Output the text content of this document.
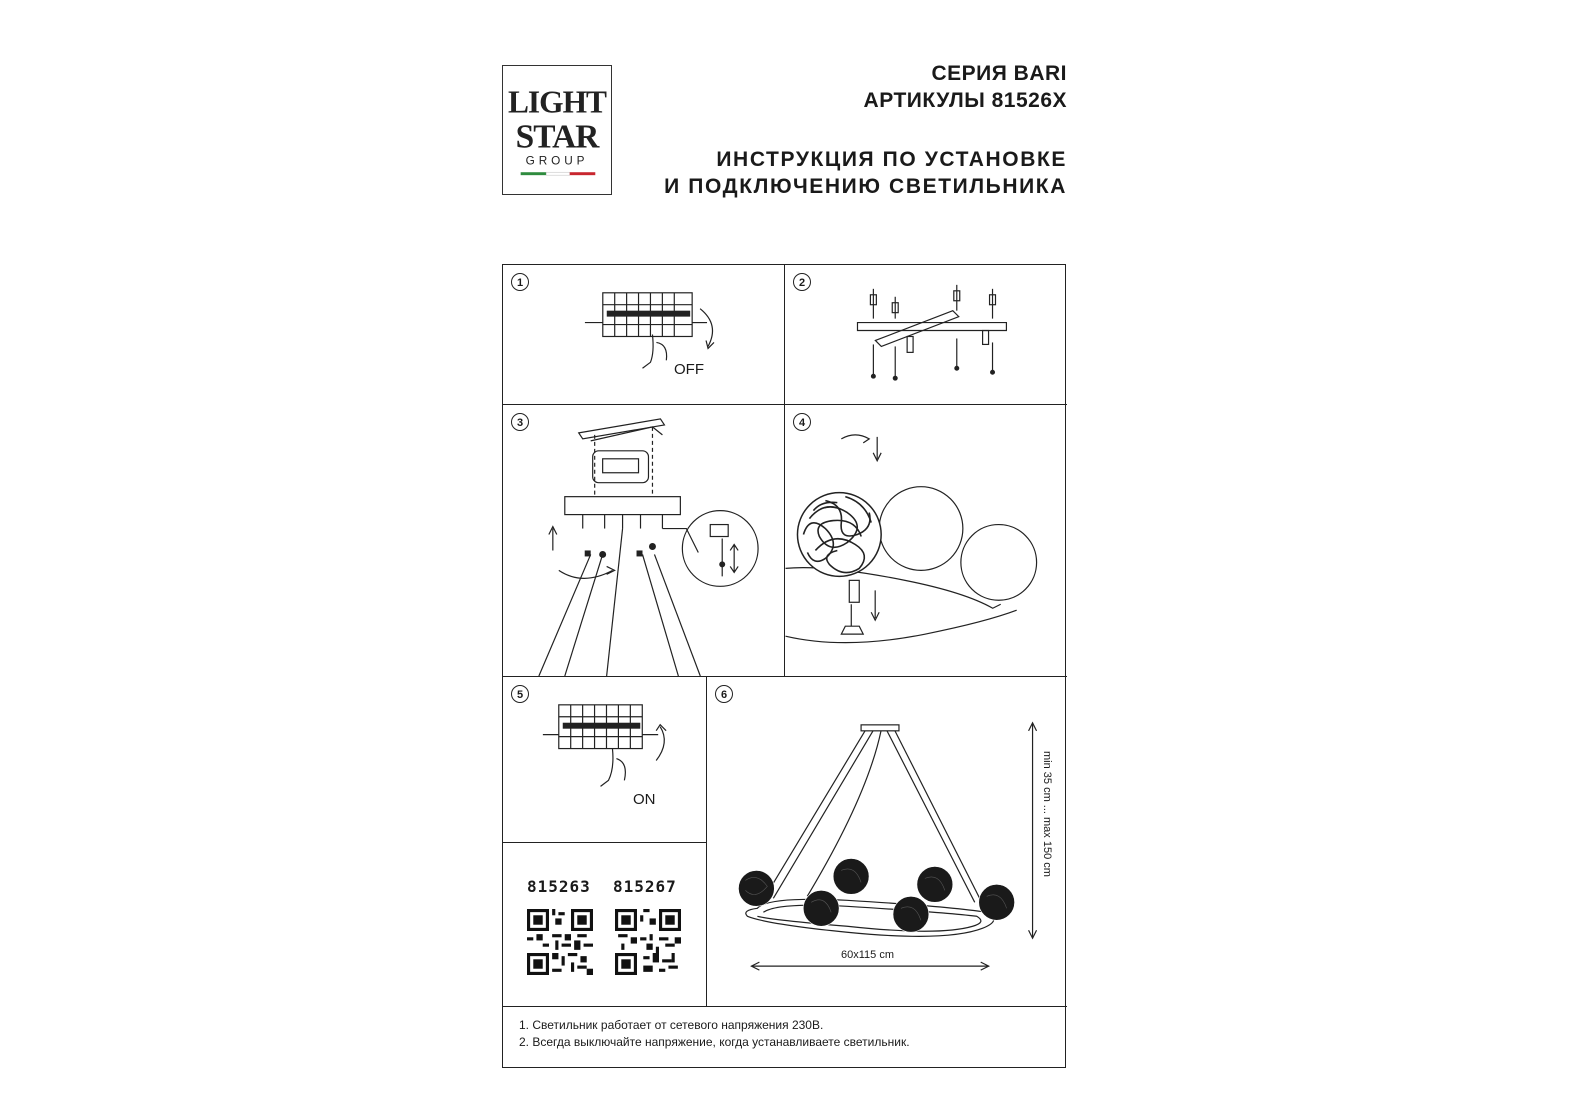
LIGHT
STAR
GROUP
СЕРИЯ BARI
АРТИКУЛЫ 81526X
ИНСТРУКЦИЯ ПО УСТАНОВКЕ
И ПОДКЛЮЧЕНИЮ СВЕТИЛЬНИКА
1
OFF
2
3	4
5
ON
815263 815267
6
60x115 cm
min 35 cm ... max 150 cm
1. Светильник работает от сетевого напряжения 230В.
2. Всегда выключайте напряжение, когда устанавливаете светильник.
